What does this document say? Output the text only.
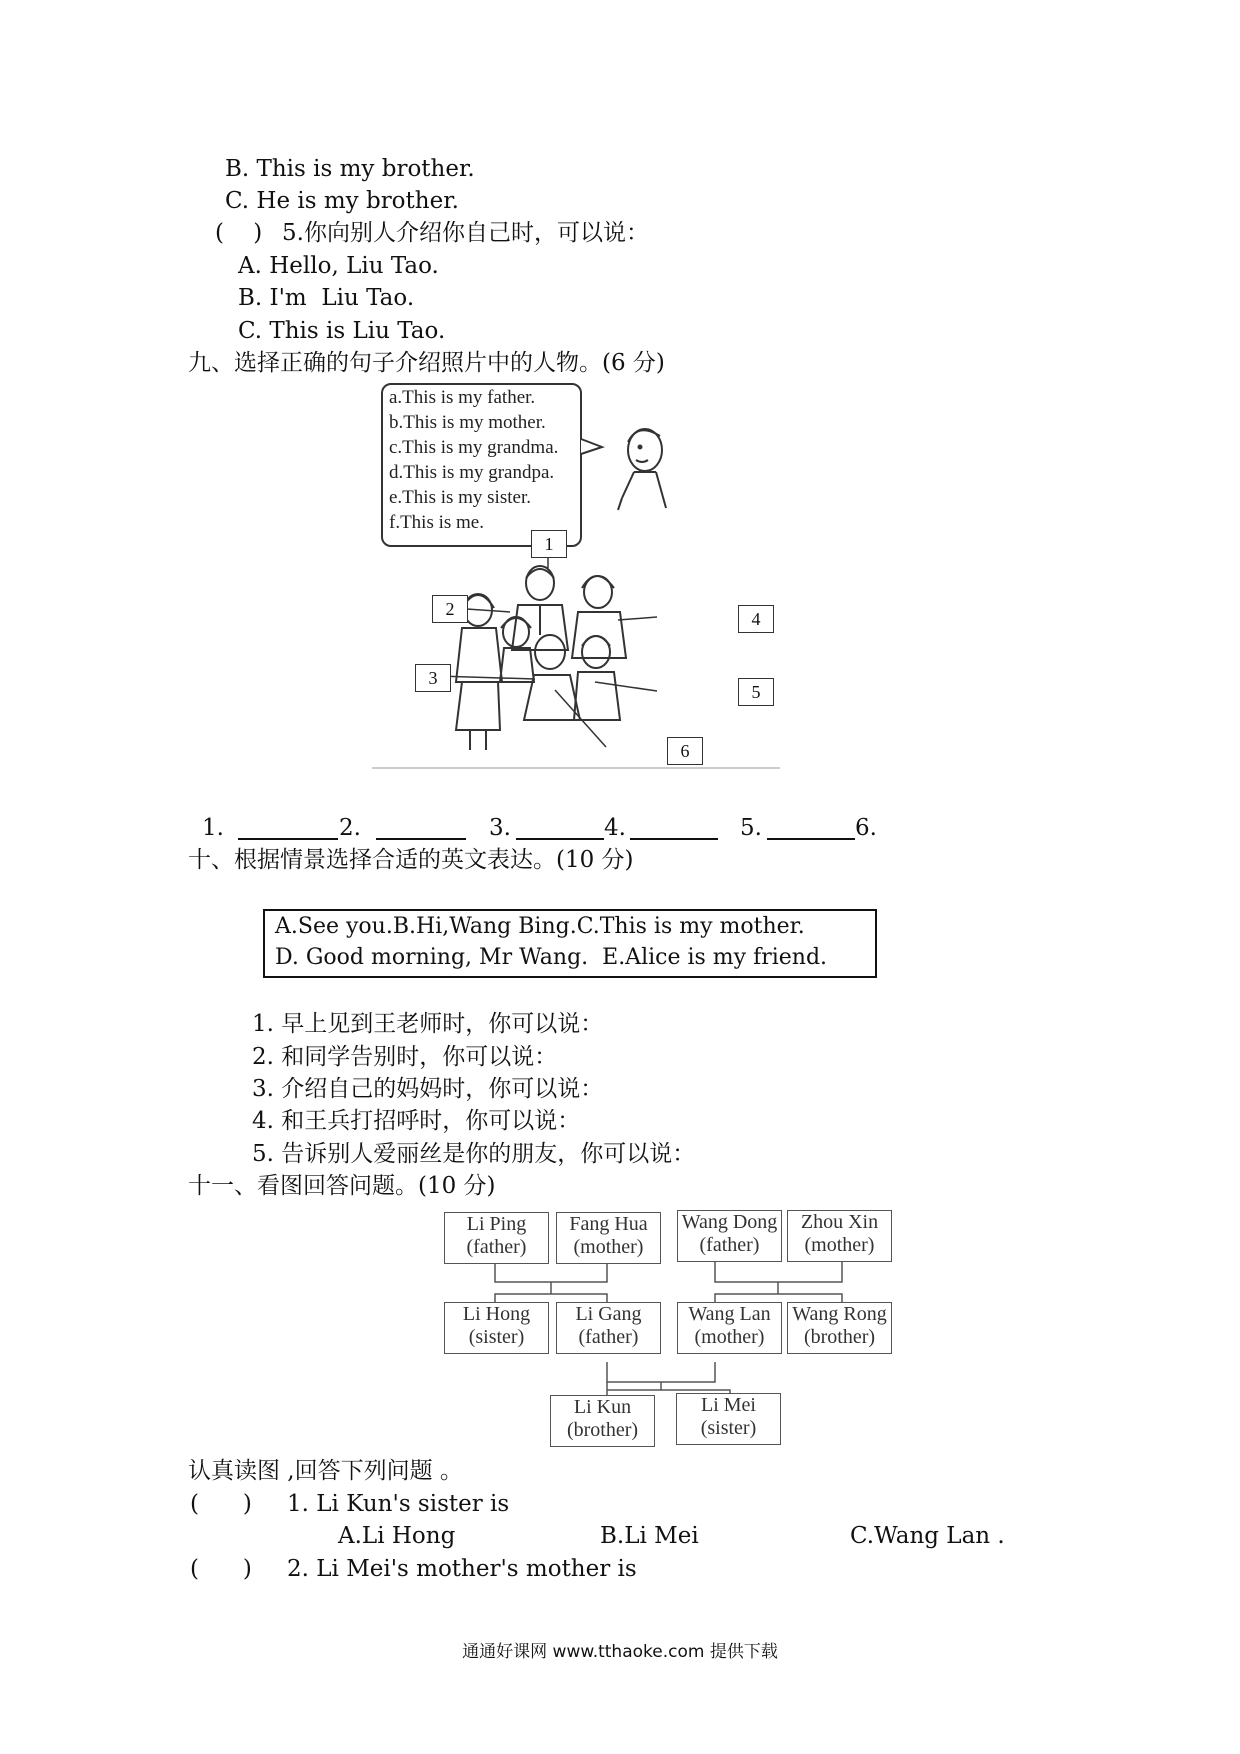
B. This is my brother.
C. He is my brother.
(    ) 5.你向别人介绍你自己时，可以说：
A. Hello, Liu Tao.
B. I'm  Liu Tao.
C. This is Liu Tao.
九、选择正确的句子介绍照片中的人物。(6 分)
a.This is my father.
b.This is my mother.
c.This is my grandma.
d.This is my grandpa.
e.This is my sister.
f.This is me.
1
2
3
4
5
6
1.	2.	3.	4.	5.	6.
十、根据情景选择合适的英文表达。(10 分)
A.See you.B.Hi,Wang Bing.C.This is my mother.
D. Good morning, Mr Wang.  E.Alice is my friend.
1. 早上见到王老师时，你可以说：
2. 和同学告别时，你可以说：
3. 介绍自己的妈妈时，你可以说：
4. 和王兵打招呼时，你可以说：
5. 告诉别人爱丽丝是你的朋友，你可以说：
十一、看图回答问题。(10 分)
Li Ping
(father)
Fang Hua
(mother)
Wang Dong
(father)
Zhou Xin
(mother)
Li Hong
(sister)
Li Gang
(father)
Wang Lan
(mother)
Wang Rong
(brother)
Li Kun
(brother)
Li Mei
(sister)
认真读图 ,回答下列问题 。
(      ) 1. Li Kun's sister is
A.Li Hong	B.Li Mei	C.Wang Lan .
(      ) 2. Li Mei's mother's mother is
通通好课网 www.tthaoke.com 提供下载
